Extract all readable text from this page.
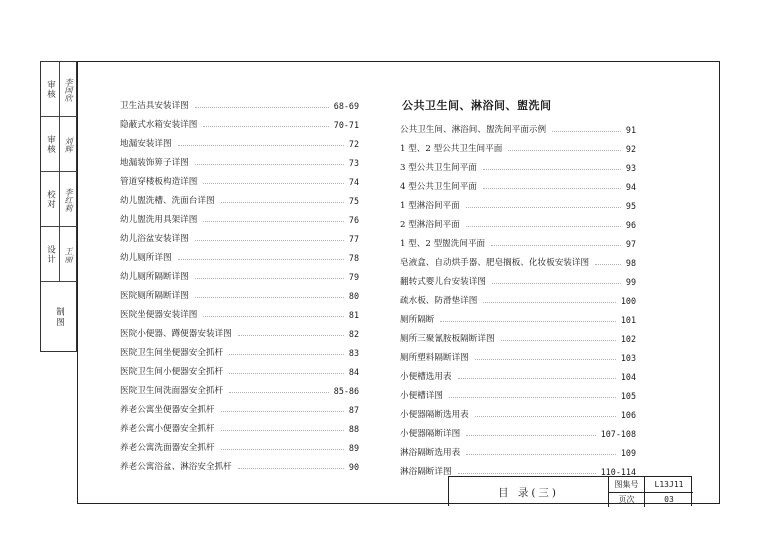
审核	李国欣
审核	刘辉
校对	李红莉
设计	王丽
制图
卫生洁具安装详图	68-69
隐蔽式水箱安装详图	70-71
地漏安装详图	72
地漏装饰箅子详图	73
管道穿楼板构造详图	74
幼儿盥洗槽、洗面台详图	75
幼儿盥洗用具架详图	76
幼儿浴盆安装详图	77
幼儿厕所详图	78
幼儿厕所隔断详图	79
医院厕所隔断详图	80
医院坐便器安装详图	81
医院小便器、蹲便器安装详图	82
医院卫生间坐便器安全抓杆	83
医院卫生间小便器安全抓杆	84
医院卫生间洗面器安全抓杆	85-86
养老公寓坐便器安全抓杆	87
养老公寓小便器安全抓杆	88
养老公寓洗面器安全抓杆	89
养老公寓浴盆、淋浴安全抓杆	90
公共卫生间、淋浴间、盥洗间
公共卫生间、淋浴间、盥洗间平面示例	91
1 型、2 型公共卫生间平面	92
3 型公共卫生间平面	93
4 型公共卫生间平面	94
1 型淋浴间平面	95
2 型淋浴间平面	96
1 型、2 型盥洗间平面	97
皂液盒、自动烘手器、肥皂搁板、化妆板安装详图	98
翻转式婴儿台安装详图	99
疏水板、防滑垫详图	100
厕所隔断	101
厕所三聚氰胺板隔断详图	102
厕所塑料隔断详图	103
小便槽选用表	104
小便槽详图	105
小便器隔断选用表	106
小便器隔断详图	107-108
淋浴隔断选用表	109
淋浴隔断详图	110-114
目 录(三)
图集号	L13J11
页次	03
